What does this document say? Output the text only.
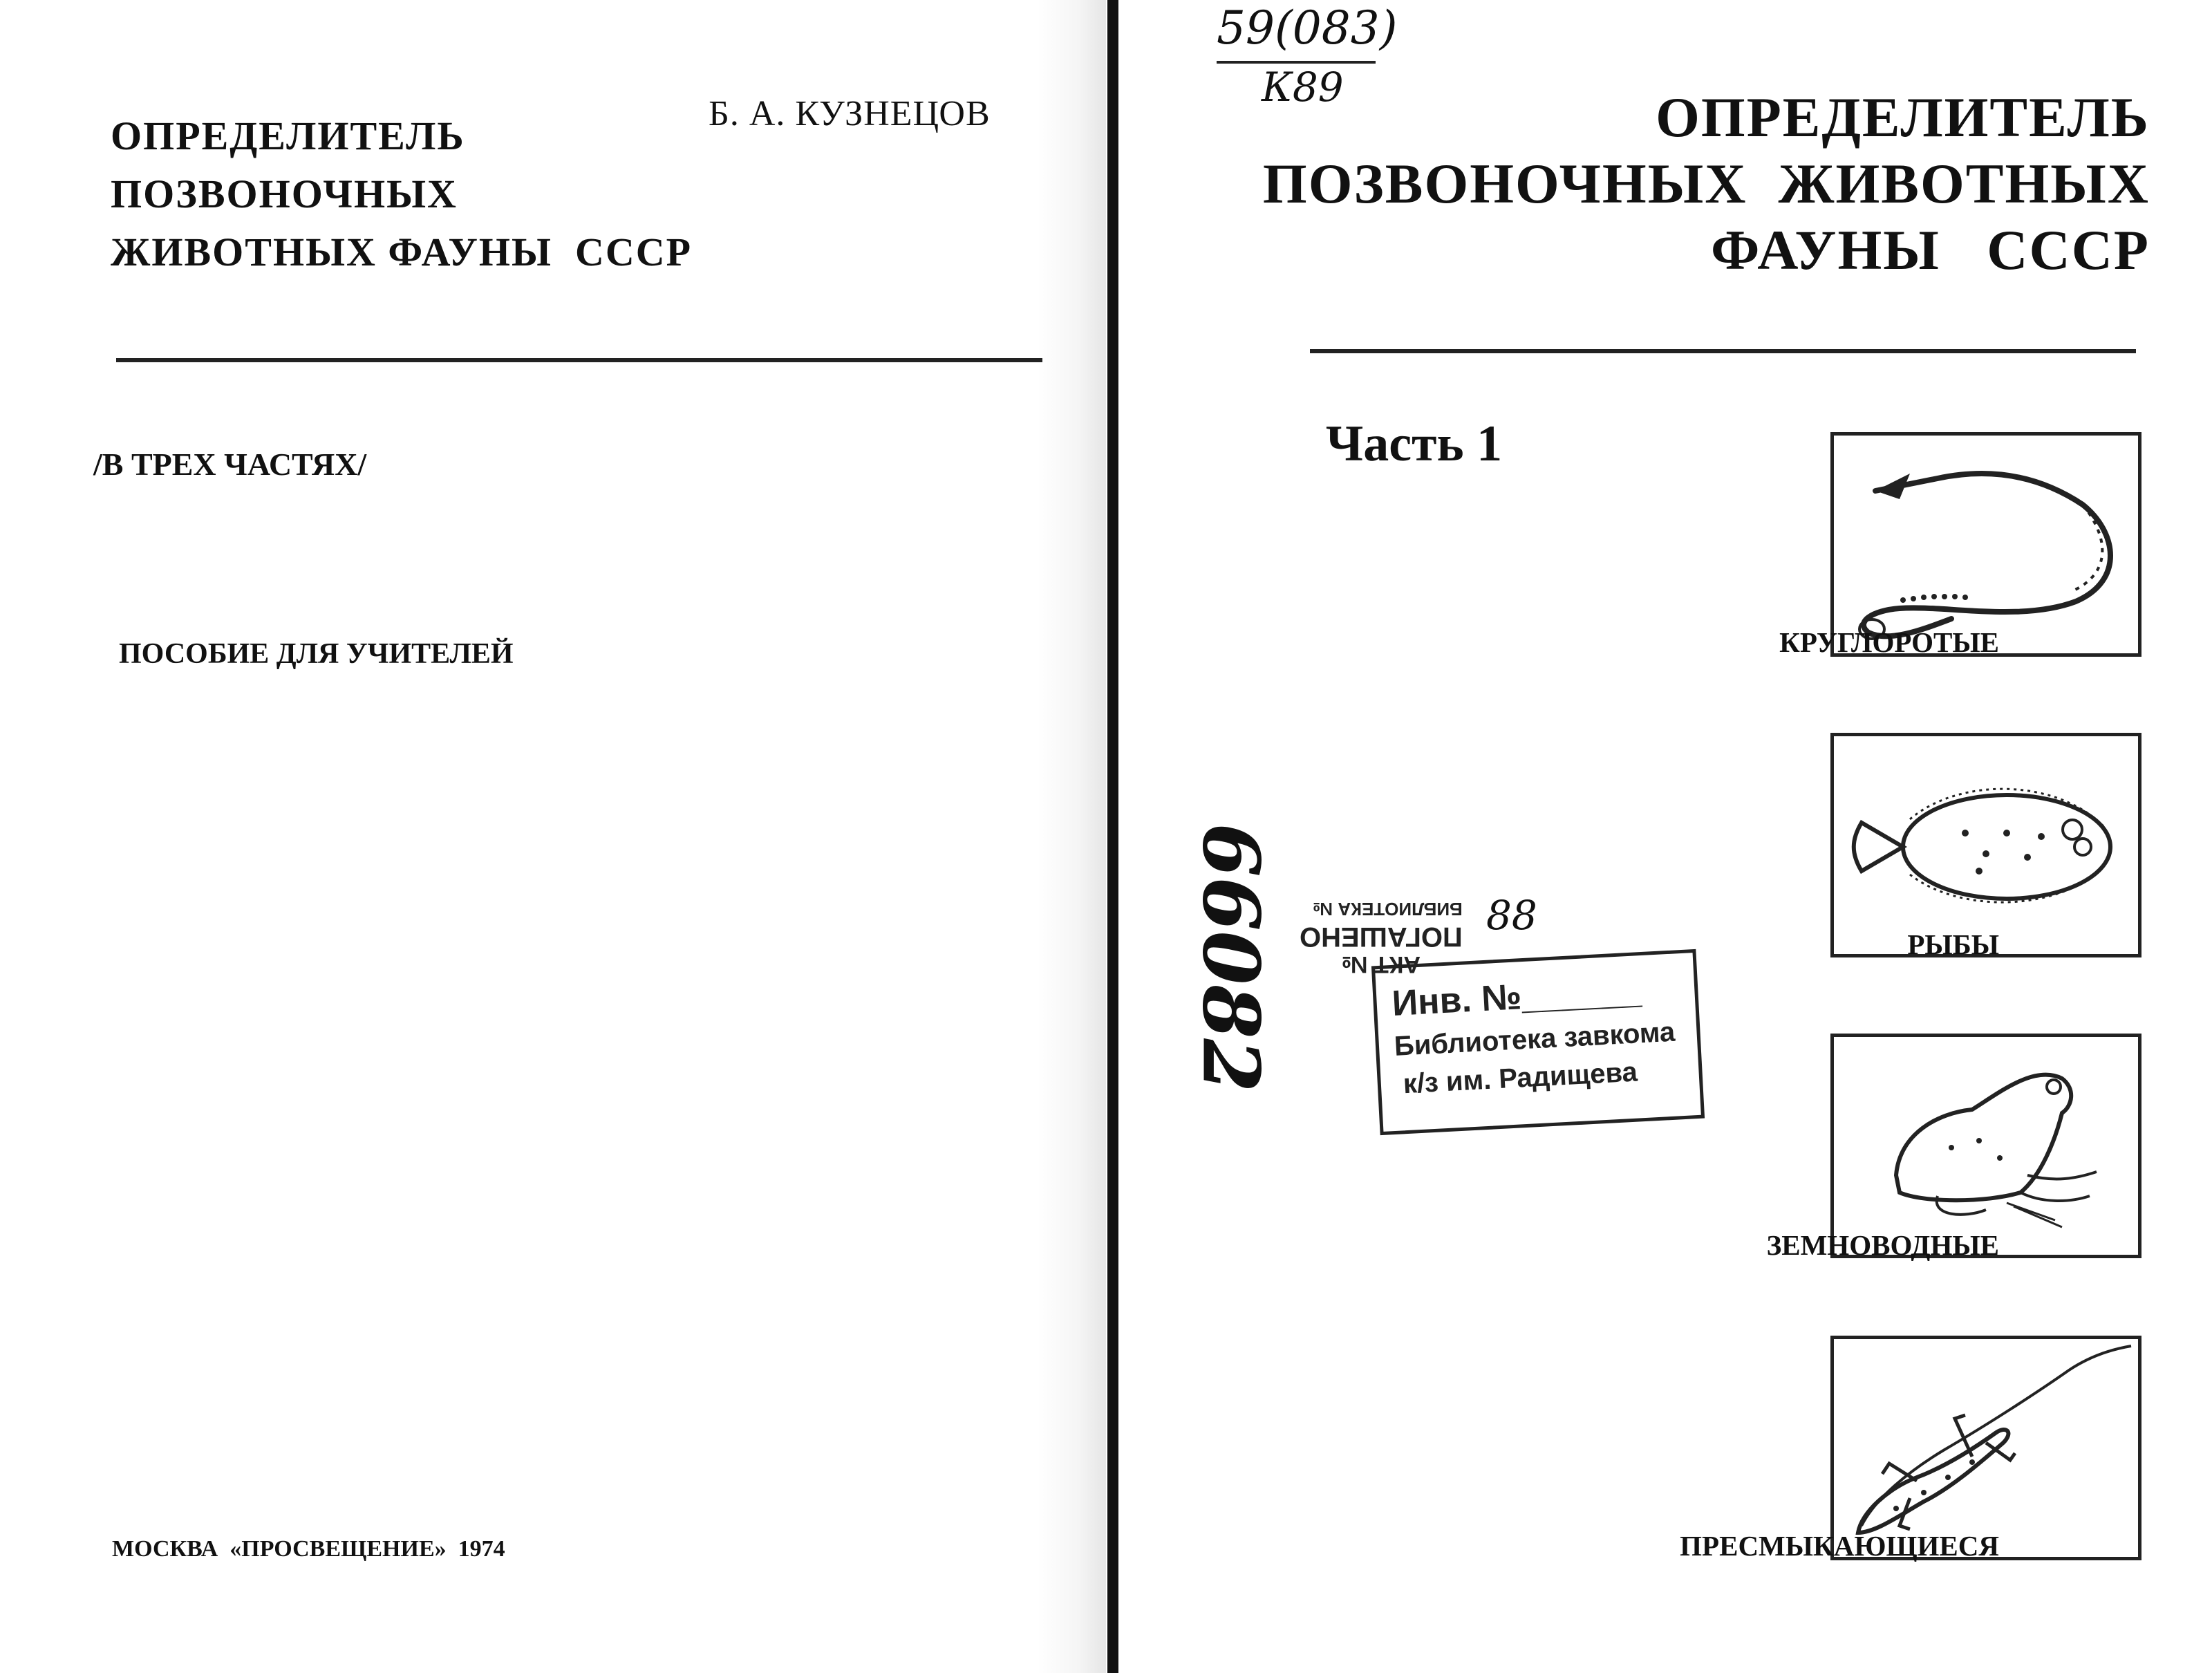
ОПРЕДЕЛИТЕЛЬ
ПОЗВОНОЧНЫХ
ЖИВОТНЫХ ФАУНЫ  СССР
Б. А. КУЗНЕЦОВ
/В ТРЕХ ЧАСТЯХ/
ПОСОБИЕ ДЛЯ УЧИТЕЛЕЙ
МОСКВА  «ПРОСВЕЩЕНИЕ»  1974
59(083)
К89	ОПРЕДЕЛИТЕЛЬ
ПОЗВОНОЧНЫХ  ЖИВОТНЫХ
ФАУНЫ   СССР
Часть 1
66082
КРУГЛОРОТЫЕ
РЫБЫ
ЗЕМНОВОДНЫЕ
ПРЕСМЫКАЮЩИЕСЯ
АКТ №
ПОГАШЕНО
БИБЛИОТЕКА № 88
Инв. №______
Библиотека завкома
к/з им. Радищева
